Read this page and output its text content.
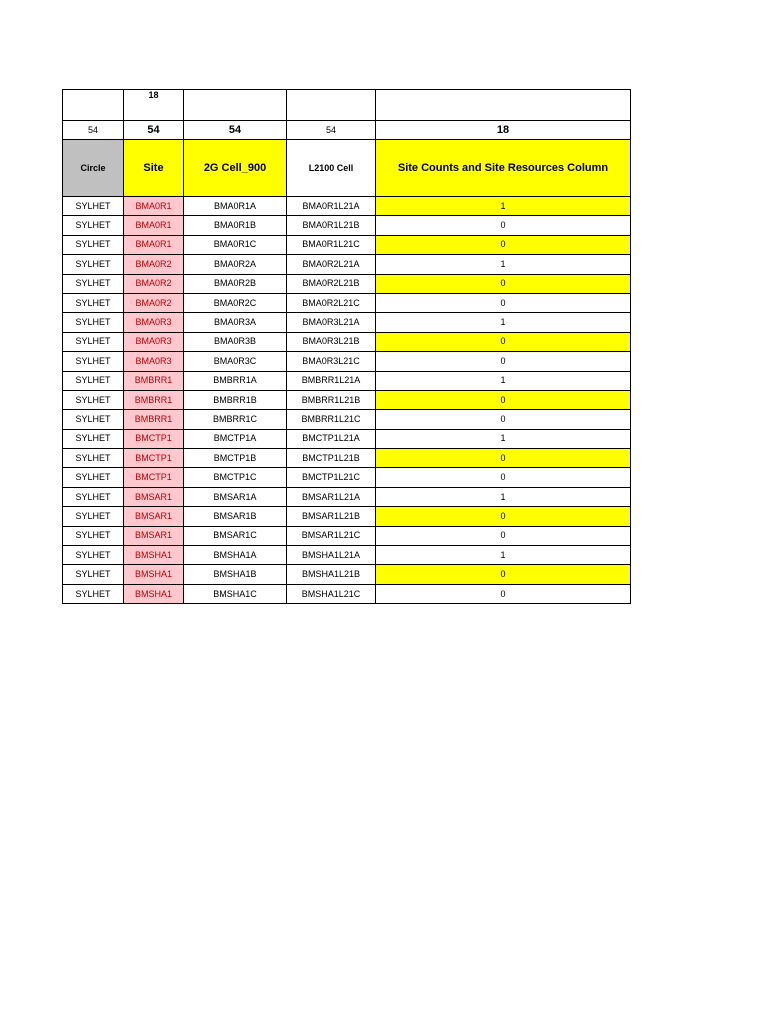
	18			
54	54	54	54	18
Circle	Site	2G Cell_900	L2100 Cell	Site Counts and Site Resources Column
SYLHET	BMA0R1	BMA0R1A	BMA0R1L21A	1
SYLHET	BMA0R1	BMA0R1B	BMA0R1L21B	0
SYLHET	BMA0R1	BMA0R1C	BMA0R1L21C	0
SYLHET	BMA0R2	BMA0R2A	BMA0R2L21A	1
SYLHET	BMA0R2	BMA0R2B	BMA0R2L21B	0
SYLHET	BMA0R2	BMA0R2C	BMA0R2L21C	0
SYLHET	BMA0R3	BMA0R3A	BMA0R3L21A	1
SYLHET	BMA0R3	BMA0R3B	BMA0R3L21B	0
SYLHET	BMA0R3	BMA0R3C	BMA0R3L21C	0
SYLHET	BMBRR1	BMBRR1A	BMBRR1L21A	1
SYLHET	BMBRR1	BMBRR1B	BMBRR1L21B	0
SYLHET	BMBRR1	BMBRR1C	BMBRR1L21C	0
SYLHET	BMCTP1	BMCTP1A	BMCTP1L21A	1
SYLHET	BMCTP1	BMCTP1B	BMCTP1L21B	0
SYLHET	BMCTP1	BMCTP1C	BMCTP1L21C	0
SYLHET	BMSAR1	BMSAR1A	BMSAR1L21A	1
SYLHET	BMSAR1	BMSAR1B	BMSAR1L21B	0
SYLHET	BMSAR1	BMSAR1C	BMSAR1L21C	0
SYLHET	BMSHA1	BMSHA1A	BMSHA1L21A	1
SYLHET	BMSHA1	BMSHA1B	BMSHA1L21B	0
SYLHET	BMSHA1	BMSHA1C	BMSHA1L21C	0
